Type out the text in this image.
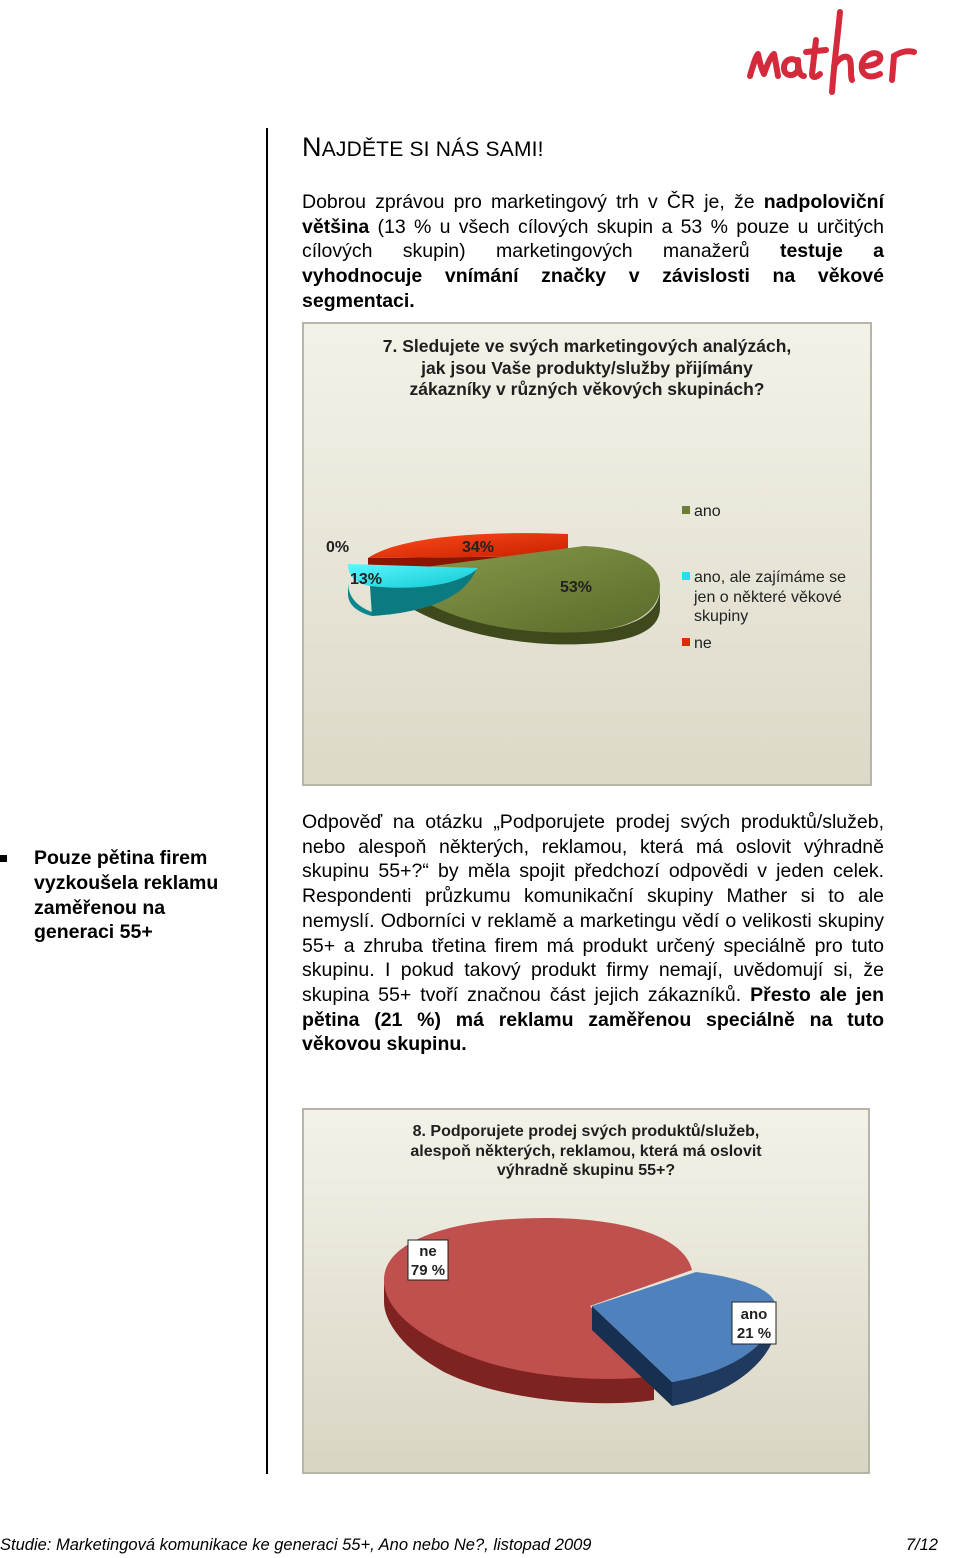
NAJDĚTE SI NÁS SAMI!

Dobrou zprávou pro marketingový trh v ČR je, že nadpoloviční většina (13 % u všech cílových skupin a 53 % pouze u určitých cílových skupin) marketingových manažerů testuje a vyhodnocuje vnímání značky v závislosti na věkové segmentaci.

7. Sledujete ve svých marketingových analýzách,
jak jsou Vaše produkty/služby přijímány
zákazníky v různých věkových skupinách?
0%	34%
13%	53%
ano
ano, ale zajímáme se
jen o některé věkové
skupiny
ne
Pouze pětina firem vyzkoušela reklamu zaměřenou na generaci 55+

Odpověď na otázku „Podporujete prodej svých produktů/služeb, nebo alespoň některých, reklamou, která má oslovit výhradně skupinu 55+?“ by měla spojit předchozí odpovědi v jeden celek. Respondenti průzkumu komunikační skupiny Mather si to ale nemyslí. Odborníci v reklamě a marketingu vědí o velikosti skupiny 55+ a zhruba třetina firem má produkt určený speciálně pro tuto skupinu. I pokud takový produkt firmy nemají, uvědomují si, že skupina 55+ tvoří značnou část jejich zákazníků. Přesto ale jen pětina (21 %) má reklamu zaměřenou speciálně na tuto věkovou skupinu.

8. Podporujete prodej svých produktů/služeb,
alespoň některých, reklamou, která má oslovit
výhradně skupinu 55+?
ne
79 %
ano
21 %
Studie: Marketingová komunikace ke generaci 55+, Ano nebo Ne?, listopad 2009	7/12
